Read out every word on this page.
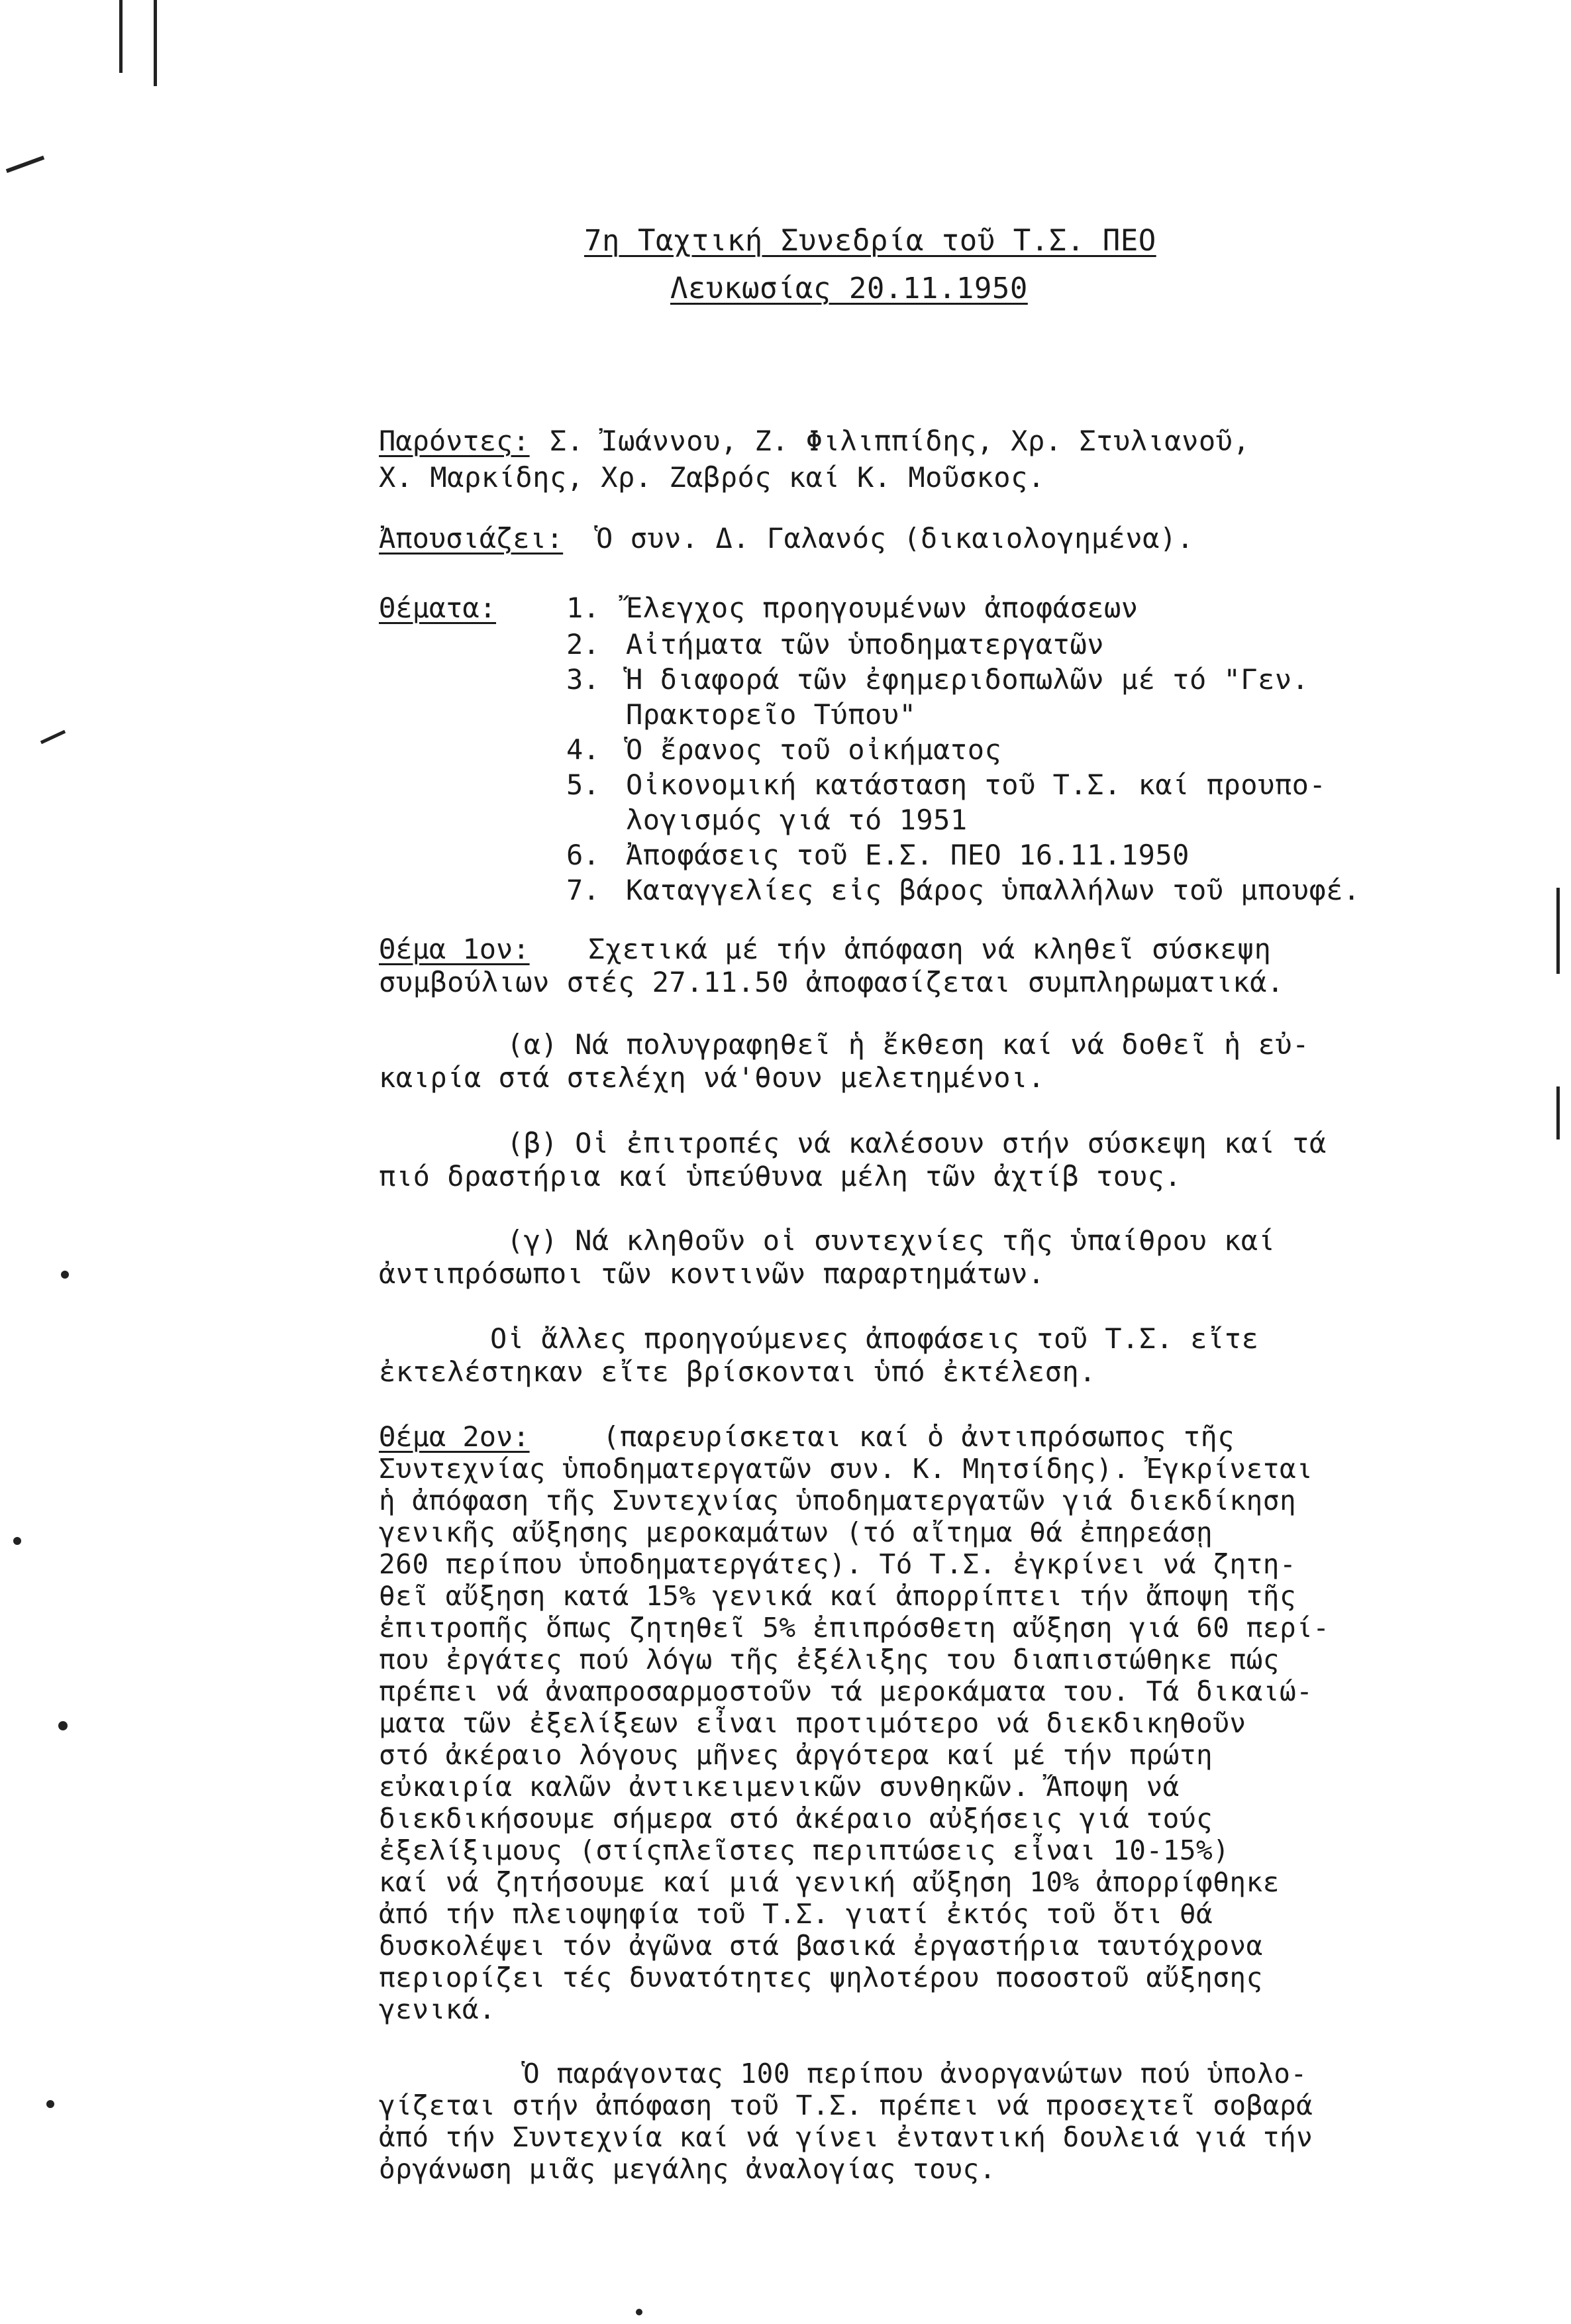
7η Ταχτική Συνεδρία τοῦ Τ.Σ. ΠΕΟ
Λευκωσίας 20.11.1950
Παρόντες: Σ. Ἰωάννου, Ζ. Φιλιππίδης, Χρ. Στυλιανοῦ,
Χ. Μαρκίδης, Χρ. Ζαβρός καί Κ. Μοῦσκος.
Ἀπουσιάζει: Ὁ συν. Δ. Γαλανός (δικαιολογημένα).
Θέματα:	1. Ἔλεγχος προηγουμένων ἀποφάσεων
2. Αἰτήματα τῶν ὑποδηματεργατῶν
3. Ἡ διαφορά τῶν ἐφημεριδοπωλῶν μέ τό "Γεν.
Πρακτορεῖο Τύπου"
4. Ὁ ἔρανος τοῦ οἰκήματος
5. Οἰκονομική κατάσταση τοῦ Τ.Σ. καί προυπο-
λογισμός γιά τό 1951
6. Ἀποφάσεις τοῦ Ε.Σ. ΠΕΟ 16.11.1950
7. Καταγγελίες εἰς βάρος ὑπαλλήλων τοῦ μπουφέ.
Θέμα 1ον: Σχετικά μέ τήν ἀπόφαση νά κληθεῖ σύσκεψη
συμβούλιων στές 27.11.50 ἀποφασίζεται συμπληρωματικά.
(α) Νά πολυγραφηθεῖ ἡ ἔκθεση καί νά δοθεῖ ἡ εὐ-
καιρία στά στελέχη νά'θουν μελετημένοι.
(β) Οἱ ἐπιτροπές νά καλέσουν στήν σύσκεψη καί τά
πιό δραστήρια καί ὑπεύθυνα μέλη τῶν ἀχτίβ τους.
(γ) Νά κληθοῦν οἱ συντεχνίες τῆς ὑπαίθρου καί
ἀντιπρόσωποι τῶν κοντινῶν παραρτημάτων.
Οἱ ἄλλες προηγούμενες ἀποφάσεις τοῦ Τ.Σ. εἴτε
ἐκτελέστηκαν εἴτε βρίσκονται ὑπό ἐκτέλεση.
Θέμα 2ον:	(παρευρίσκεται καί ὁ ἀντιπρόσωπος τῆς
Συντεχνίας ὑποδηματεργατῶν συν. Κ. Μητσίδης). Ἐγκρίνεται
ἡ ἀπόφαση τῆς Συντεχνίας ὑποδηματεργατῶν γιά διεκδίκηση
γενικῆς αὔξησης μεροκαμάτων (τό αἴτημα θά ἐπηρεάσῃ
260 περίπου ὑποδηματεργάτες). Τό Τ.Σ. ἐγκρίνει νά ζητη-
θεῖ αὔξηση κατά 15% γενικά καί ἀπορρίπτει τήν ἄποψη τῆς
ἐπιτροπῆς ὅπως ζητηθεῖ 5% ἐπιπρόσθετη αὔξηση γιά 60 περί-
που ἐργάτες πού λόγω τῆς ἐξέλιξης του διαπιστώθηκε πώς
πρέπει νά ἀναπροσαρμοστοῦν τά μεροκάματα του. Τά δικαιώ-
ματα τῶν ἐξελίξεων εἶναι προτιμότερο νά διεκδικηθοῦν
στό ἀκέραιο λόγους μῆνες ἀργότερα καί μέ τήν πρώτη
εὐκαιρία καλῶν ἀντικειμενικῶν συνθηκῶν. Ἄποψη νά
διεκδικήσουμε σήμερα στό ἀκέραιο αὐξήσεις γιά τούς
ἐξελίξιμους (στίςπλεῖστες περιπτώσεις εἶναι 10-15%)
καί νά ζητήσουμε καί μιά γενική αὔξηση 10% ἀπορρίφθηκε
ἀπό τήν πλειοψηφία τοῦ Τ.Σ. γιατί ἐκτός τοῦ ὅτι θά
δυσκολέψει τόν ἀγῶνα στά βασικά ἐργαστήρια ταυτόχρονα
περιορίζει τές δυνατότητες ψηλοτέρου ποσοστοῦ αὔξησης
γενικά.
Ὁ παράγοντας 100 περίπου ἀνοργανώτων πού ὑπολο-
γίζεται στήν ἀπόφαση τοῦ Τ.Σ. πρέπει νά προσεχτεῖ σοβαρά
ἀπό τήν Συντεχνία καί νά γίνει ἐνταντική δουλειά γιά τήν
ὀργάνωση μιᾶς μεγάλης ἀναλογίας τους.
